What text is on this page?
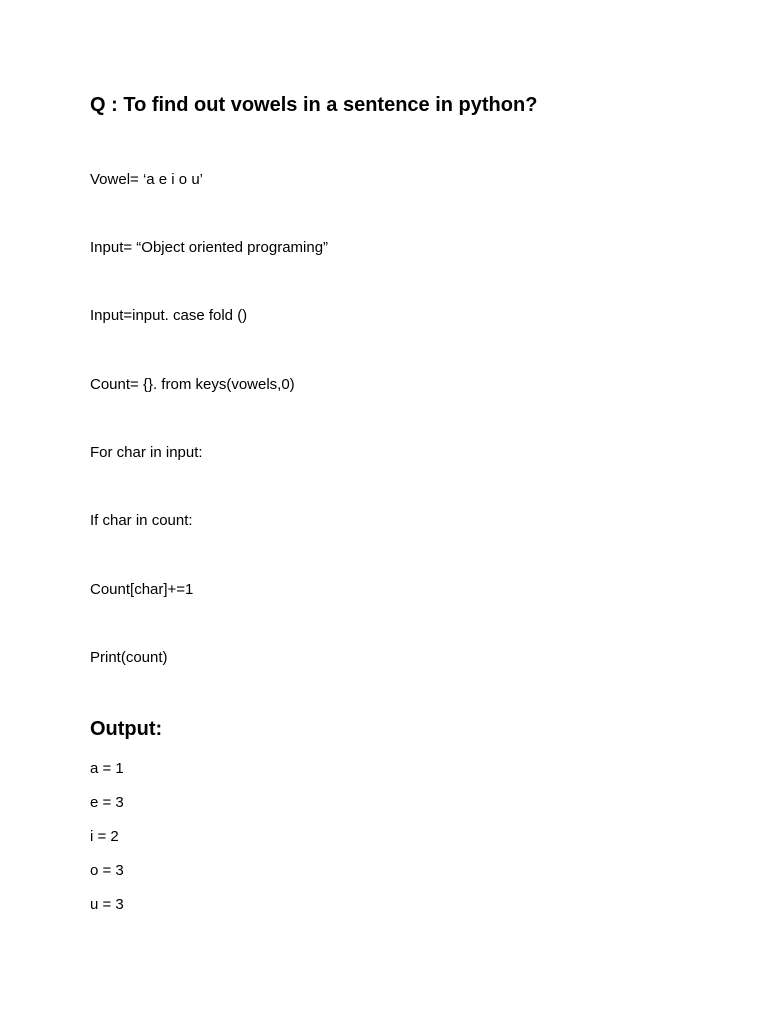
Q : To find out vowels in a sentence in python?
Vowel= ‘a e i o u’
Input= “Object oriented programing”
Input=input. case fold ()
Count= {}. from keys(vowels,0)
For char in input:
If char in count:
Count[char]+=1
Print(count)
Output:
a = 1
e = 3
i = 2
o = 3
u = 3
